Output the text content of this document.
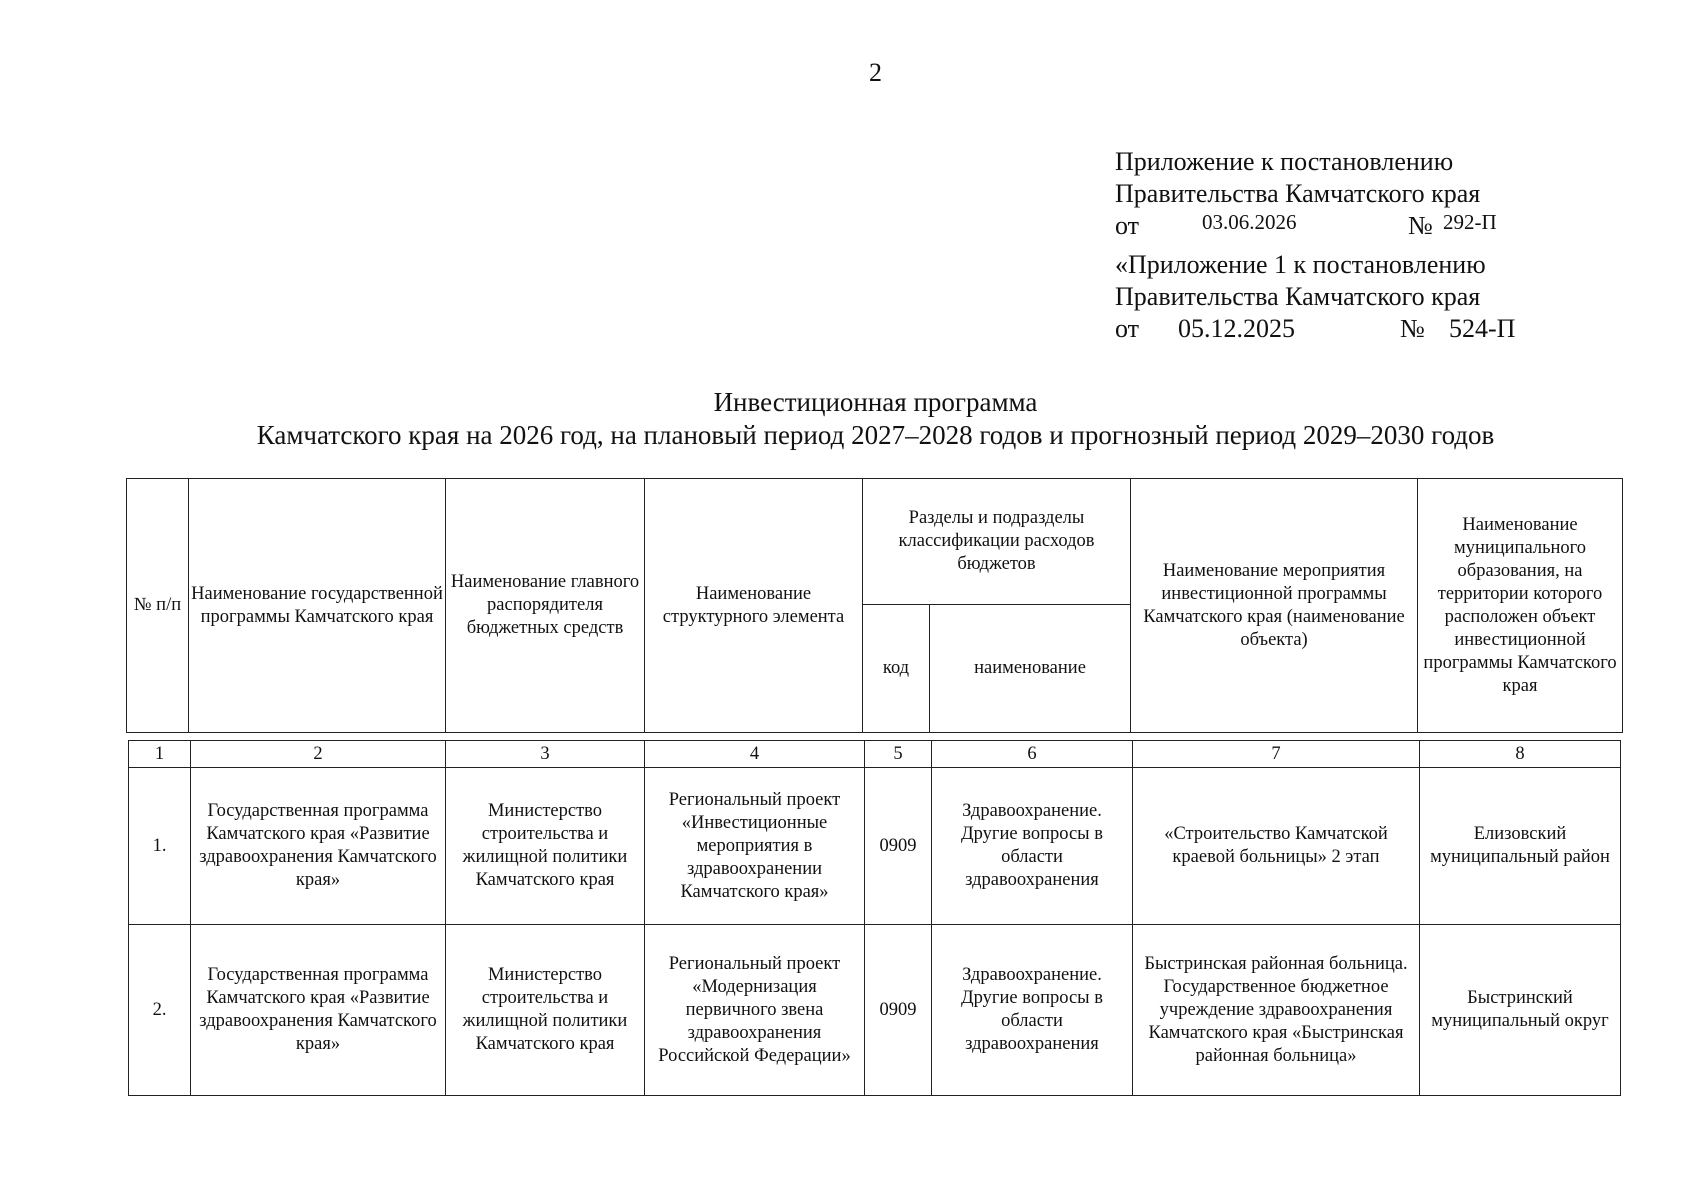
2
Приложение к постановлению
Правительства Камчатского края
от	03.06.2026	№ 292-П
«Приложение 1 к постановлению
Правительства Камчатского края
от 05.12.2025	№ 524-П
Инвестиционная программа
Камчатского края на 2026 год, на плановый период 2027–2028 годов и прогнозный период 2029–2030 годов
№ п/п	Наименование государственной программы Камчатского края	Наименование главного распорядителя бюджетных средств	Наименование структурного элемента	Разделы и подразделы классификации расходов бюджетов		Наименование мероприятия инвестиционной программы Камчатского края (наименование объекта)	Наименование муниципального образования, на территории которого расположен объект инвестиционной программы Камчатского края
				код	наименование		
1	2	3	4	5	6	7	8
1.	Государственная программа Камчатского края «Развитие здравоохранения Камчатского края»	Министерство строительства и жилищной политики Камчатского края	Региональный проект «Инвестиционные мероприятия в здравоохранении Камчатского края»	0909	Здравоохранение. Другие вопросы в области здравоохранения	«Строительство Камчатской краевой больницы» 2 этап	Елизовский муниципальный район
2.	Государственная программа Камчатского края «Развитие здравоохранения Камчатского края»	Министерство строительства и жилищной политики Камчатского края	Региональный проект «Модернизация первичного звена здравоохранения Российской Федерации»	0909	Здравоохранение. Другие вопросы в области здравоохранения	Быстринская районная больница. Государственное бюджетное учреждение здравоохранения Камчатского края «Быстринская районная больница»	Быстринский муниципальный округ
